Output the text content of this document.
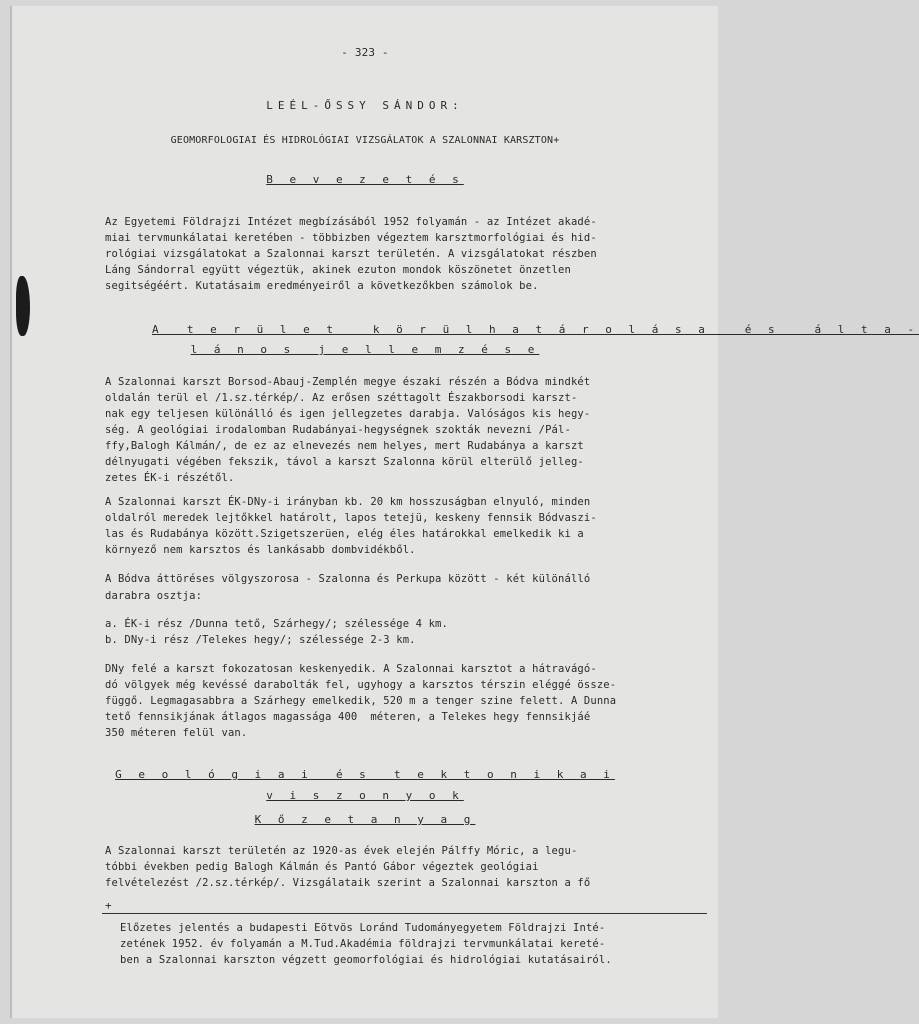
- 323 -
LEÉL-ŐSSY SÁNDOR:
GEOMORFOLOGIAI ÉS HIDROLÓGIAI VIZSGÁLATOK A SZALONNAI KARSZTON+
B e v e z e t é s
Az Egyetemi Földrajzi Intézet megbízásából 1952 folyamán - az Intézet akadé-
miai tervmunkálatai keretében - többizben végeztem karsztmorfológiai és hid-
rológiai vizsgálatokat a Szalonnai karszt területén. A vizsgálatokat részben
Láng Sándorral együtt végeztük, akinek ezuton mondok köszönetet önzetlen
segitségéért. Kutatásaim eredményeiről a következőkben számolok be.
A  t e r ü l e t   k ö r ü l h a t á r o l á s a   é s   á l t a -
l á n o s  j e l l e m z é s e
A Szalonnai karszt Borsod-Abauj-Zemplén megye északi részén a Bódva mindkét
oldalán terül el /1.sz.térkép/. Az erősen széttagolt Északborsodi karszt-
nak egy teljesen különálló és igen jellegzetes darabja. Valóságos kis hegy-
ség. A geológiai irodalomban Rudabányai-hegységnek szokták nevezni /Pál-
ffy,Balogh Kálmán/, de ez az elnevezés nem helyes, mert Rudabánya a karszt
délnyugati végében fekszik, távol a karszt Szalonna körül elterülő jelleg-
zetes ÉK-i részétől.
A Szalonnai karszt ÉK-DNy-i irányban kb. 20 km hosszuságban elnyuló, minden
oldalról meredek lejtőkkel határolt, lapos tetejü, keskeny fennsik Bódvaszi-
las és Rudabánya között.Szigetszerüen, elég éles határokkal emelkedik ki a
környező nem karsztos és lankásabb dombvidékből.
A Bódva áttöréses völgyszorosa - Szalonna és Perkupa között - két különálló
darabra osztja:
a. ÉK-i rész /Dunna tető, Szárhegy/; szélessége 4 km.
b. DNy-i rész /Telekes hegy/; szélessége 2-3 km.
DNy felé a karszt fokozatosan keskenyedik. A Szalonnai karsztot a hátravágó-
dó völgyek még kevéssé darabolták fel, ugyhogy a karsztos térszin eléggé össze-
függő. Legmagasabbra a Szárhegy emelkedik, 520 m a tenger szine felett. A Dunna
tető fennsikjának átlagos magassága 400  méteren, a Telekes hegy fennsikjáé
350 méteren felül van.
G e o l ó g i a i  é s  t e k t o n i k a i
v i s z o n y o k
K ő z e t a n y a g
A Szalonnai karszt területén az 1920-as évek elején Pálffy Móric, a legu-
tóbbi években pedig Balogh Kálmán és Pantó Gábor végeztek geológiai
felvételezést /2.sz.térkép/. Vizsgálataik szerint a Szalonnai karszton a fő
+
Előzetes jelentés a budapesti Eötvös Loránd Tudományegyetem Földrajzi Inté-
zetének 1952. év folyamán a M.Tud.Akadémia földrajzi tervmunkálatai kereté-
ben a Szalonnai karszton végzett geomorfológiai és hidrológiai kutatásairól.
